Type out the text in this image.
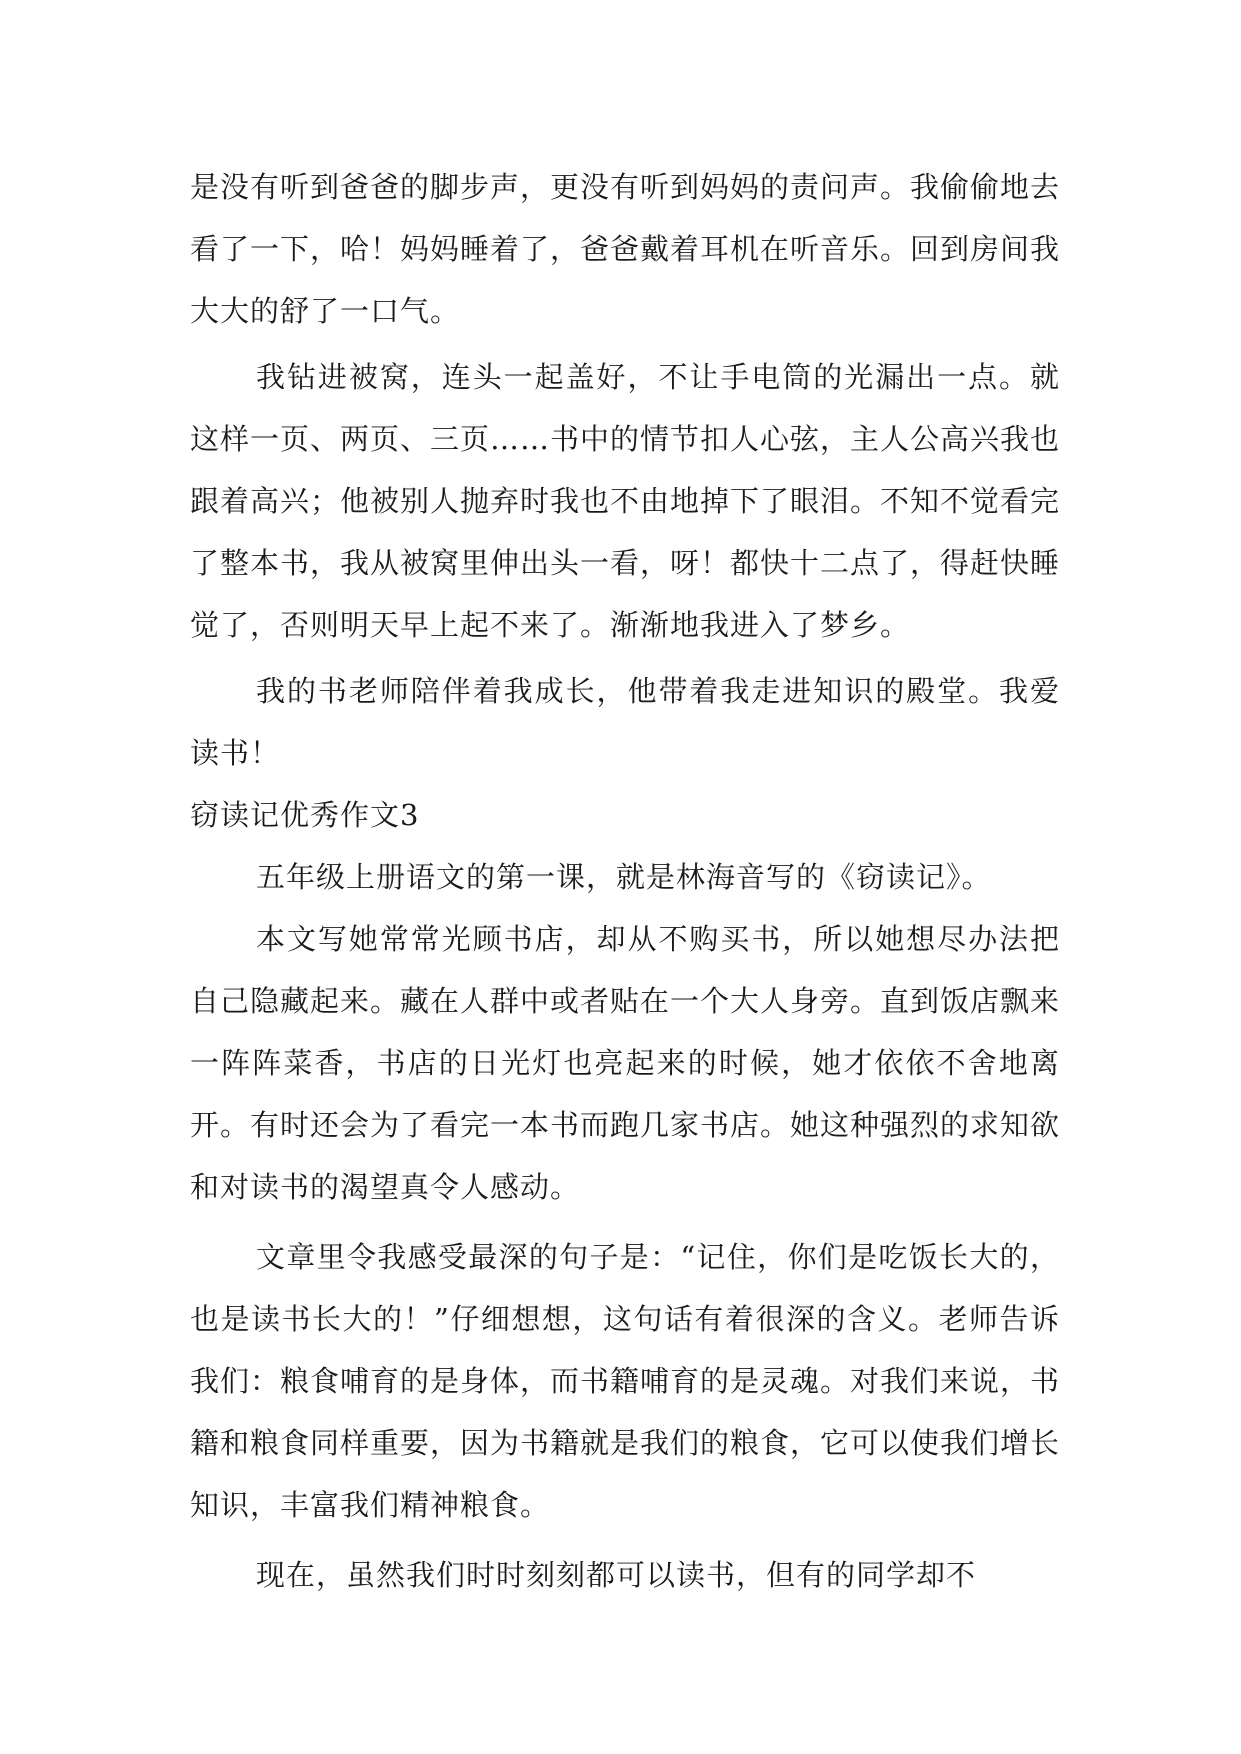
是没有听到爸爸的脚步声，更没有听到妈妈的责问声。我偷偷地去看了一下，哈！妈妈睡着了，爸爸戴着耳机在听音乐。回到房间我大大的舒了一口气。

我钻进被窝，连头一起盖好，不让手电筒的光漏出一点。就这样一页、两页、三页……书中的情节扣人心弦，主人公高兴我也跟着高兴；他被别人抛弃时我也不由地掉下了眼泪。不知不觉看完了整本书，我从被窝里伸出头一看，呀！都快十二点了，得赶快睡觉了，否则明天早上起不来了。渐渐地我进入了梦乡。

我的书老师陪伴着我成长，他带着我走进知识的殿堂。我爱读书！

窃读记优秀作文3

五年级上册语文的第一课，就是林海音写的《窃读记》。

本文写她常常光顾书店，却从不购买书，所以她想尽办法把自己隐藏起来。藏在人群中或者贴在一个大人身旁。直到饭店飘来一阵阵菜香，书店的日光灯也亮起来的时候，她才依依不舍地离开。有时还会为了看完一本书而跑几家书店。她这种强烈的求知欲和对读书的渴望真令人感动。

文章里令我感受最深的句子是：“记住，你们是吃饭长大的，也是读书长大的！”仔细想想，这句话有着很深的含义。老师告诉我们：粮食哺育的是身体，而书籍哺育的是灵魂。对我们来说，书籍和粮食同样重要，因为书籍就是我们的粮食，它可以使我们增长知识，丰富我们精神粮食。

现在，虽然我们时时刻刻都可以读书，但有的同学却不
